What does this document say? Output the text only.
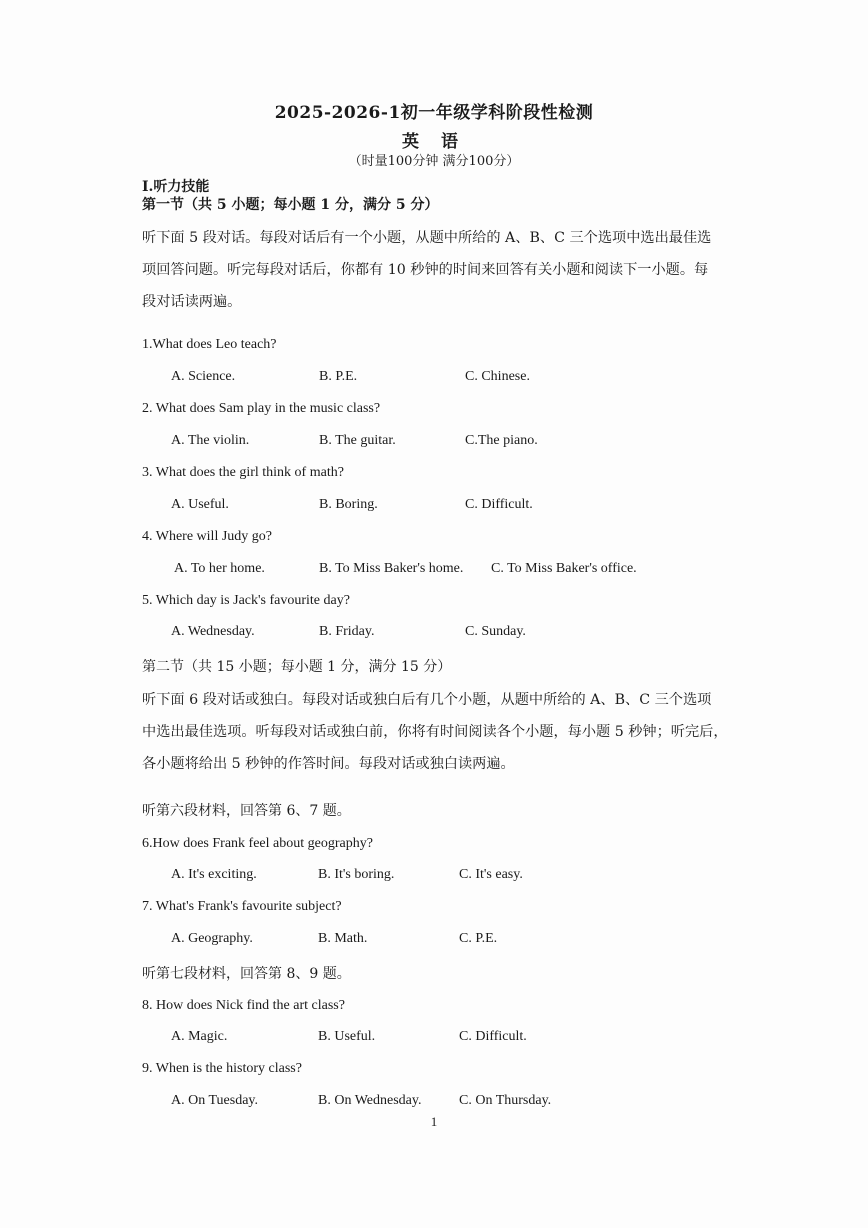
2025-2026-1初一年级学科阶段性检测
英 语
（时量100分钟 满分100分）
I.听力技能
第一节（共 5 小题；每小题 1 分，满分 5 分）
听下面 5 段对话。每段对话后有一个小题，从题中所给的 A、B、C 三个选项中选出最佳选
项回答问题。听完每段对话后，你都有 10 秒钟的时间来回答有关小题和阅读下一小题。每
段对话读两遍。
1.What does Leo teach?
A. Science.	B. P.E.	C. Chinese.
2. What does Sam play in the music class?
A. The violin.	B. The guitar.	C.The piano.
3. What does the girl think of math?
A. Useful.	B. Boring.	C. Difficult.
4. Where will Judy go?
A. To her home.	B. To Miss Baker's home. C. To Miss Baker's office.
5. Which day is Jack's favourite day?
A. Wednesday.	B. Friday.	C. Sunday.
第二节（共 15 小题；每小题 1 分，满分 15 分）
听下面 6 段对话或独白。每段对话或独白后有几个小题，从题中所给的 A、B、C 三个选项
中选出最佳选项。听每段对话或独白前，你将有时间阅读各个小题，每小题 5 秒钟；听完后，
各小题将给出 5 秒钟的作答时间。每段对话或独白读两遍。
听第六段材料，回答第 6、7 题。
6.How does Frank feel about geography?
A. It's exciting.	B. It's boring.	C. It's easy.
7. What's Frank's favourite subject?
A. Geography.	B. Math.	C. P.E.
听第七段材料，回答第 8、9 题。
8. How does Nick find the art class?
A. Magic.	B. Useful.	C. Difficult.
9. When is the history class?
A. On Tuesday.	B. On Wednesday.	C. On Thursday.
1
